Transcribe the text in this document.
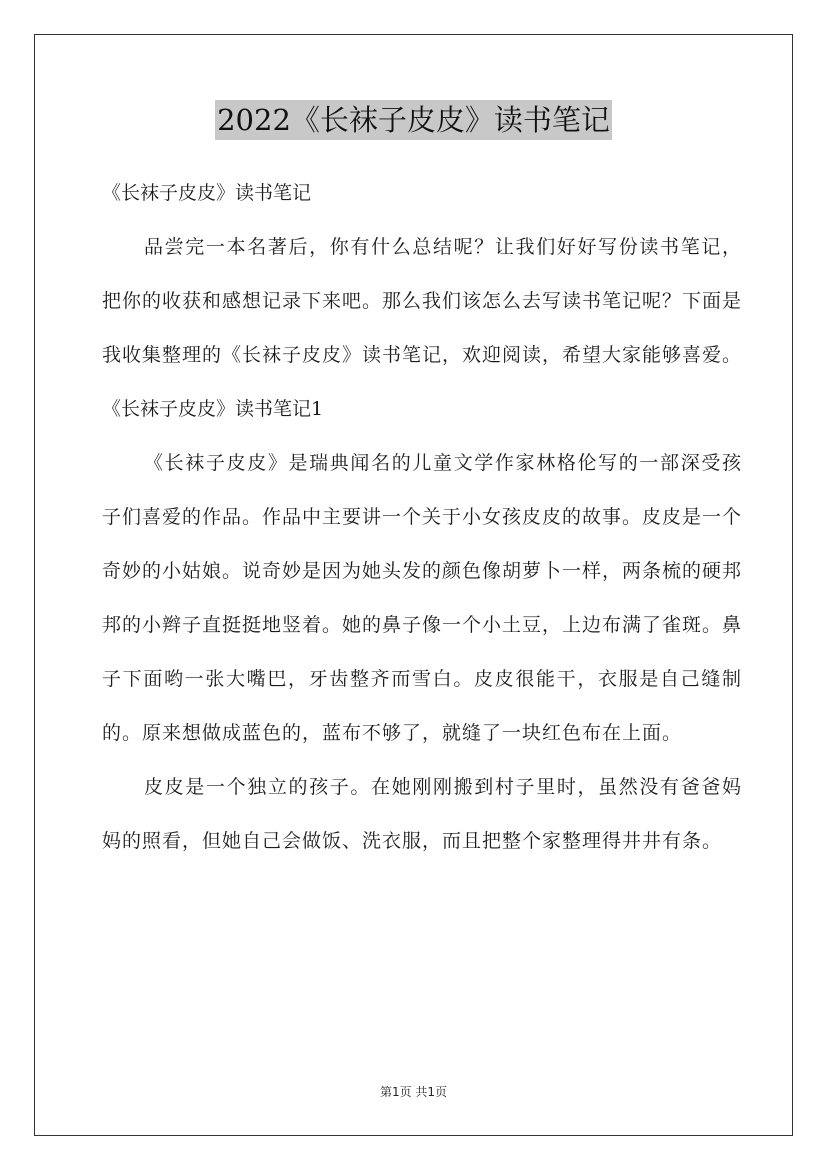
2022《长袜子皮皮》读书笔记
《长袜子皮皮》读书笔记

品尝完一本名著后，你有什么总结呢？让我们好好写份读书笔记，把你的收获和感想记录下来吧。那么我们该怎么去写读书笔记呢？下面是我收集整理的《长袜子皮皮》读书笔记，欢迎阅读，希望大家能够喜爱。

《长袜子皮皮》读书笔记1

《长袜子皮皮》是瑞典闻名的儿童文学作家林格伦写的一部深受孩子们喜爱的作品。作品中主要讲一个关于小女孩皮皮的故事。皮皮是一个奇妙的小姑娘。说奇妙是因为她头发的颜色像胡萝卜一样，两条梳的硬邦邦的小辫子直挺挺地竖着。她的鼻子像一个小土豆，上边布满了雀斑。鼻子下面哟一张大嘴巴，牙齿整齐而雪白。皮皮很能干，衣服是自己缝制的。原来想做成蓝色的，蓝布不够了，就缝了一块红色布在上面。

皮皮是一个独立的孩子。在她刚刚搬到村子里时，虽然没有爸爸妈妈的照看，但她自己会做饭、洗衣服，而且把整个家整理得井井有条。

第1页 共1页
